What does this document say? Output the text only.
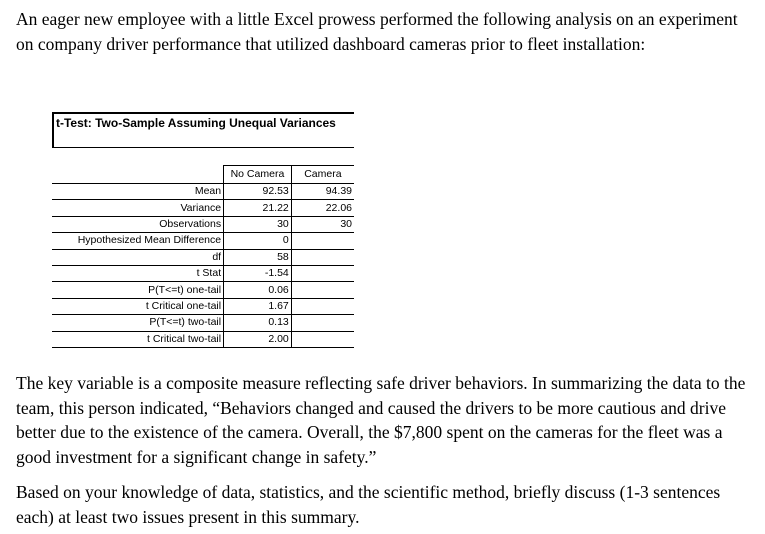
An eager new employee with a little Excel prowess performed the following analysis on an experiment on company driver performance that utilized dashboard cameras prior to fleet installation:

t-Test: Two-Sample Assuming Unequal Variances
	No Camera	Camera
Mean	92.53	94.39
Variance	21.22	22.06
Observations	30	30
Hypothesized Mean Difference	0	
df	58	
t Stat	-1.54	
P(T<=t) one-tail	0.06	
t Critical one-tail	1.67	
P(T<=t) two-tail	0.13	
t Critical two-tail	2.00	

The key variable is a composite measure reflecting safe driver behaviors. In summarizing the data to the team, this person indicated, “Behaviors changed and caused the drivers to be more cautious and drive better due to the existence of the camera. Overall, the $7,800 spent on the cameras for the fleet was a good investment for a significant change in safety.”

Based on your knowledge of data, statistics, and the scientific method, briefly discuss (1-3 sentences each) at least two issues present in this summary.
